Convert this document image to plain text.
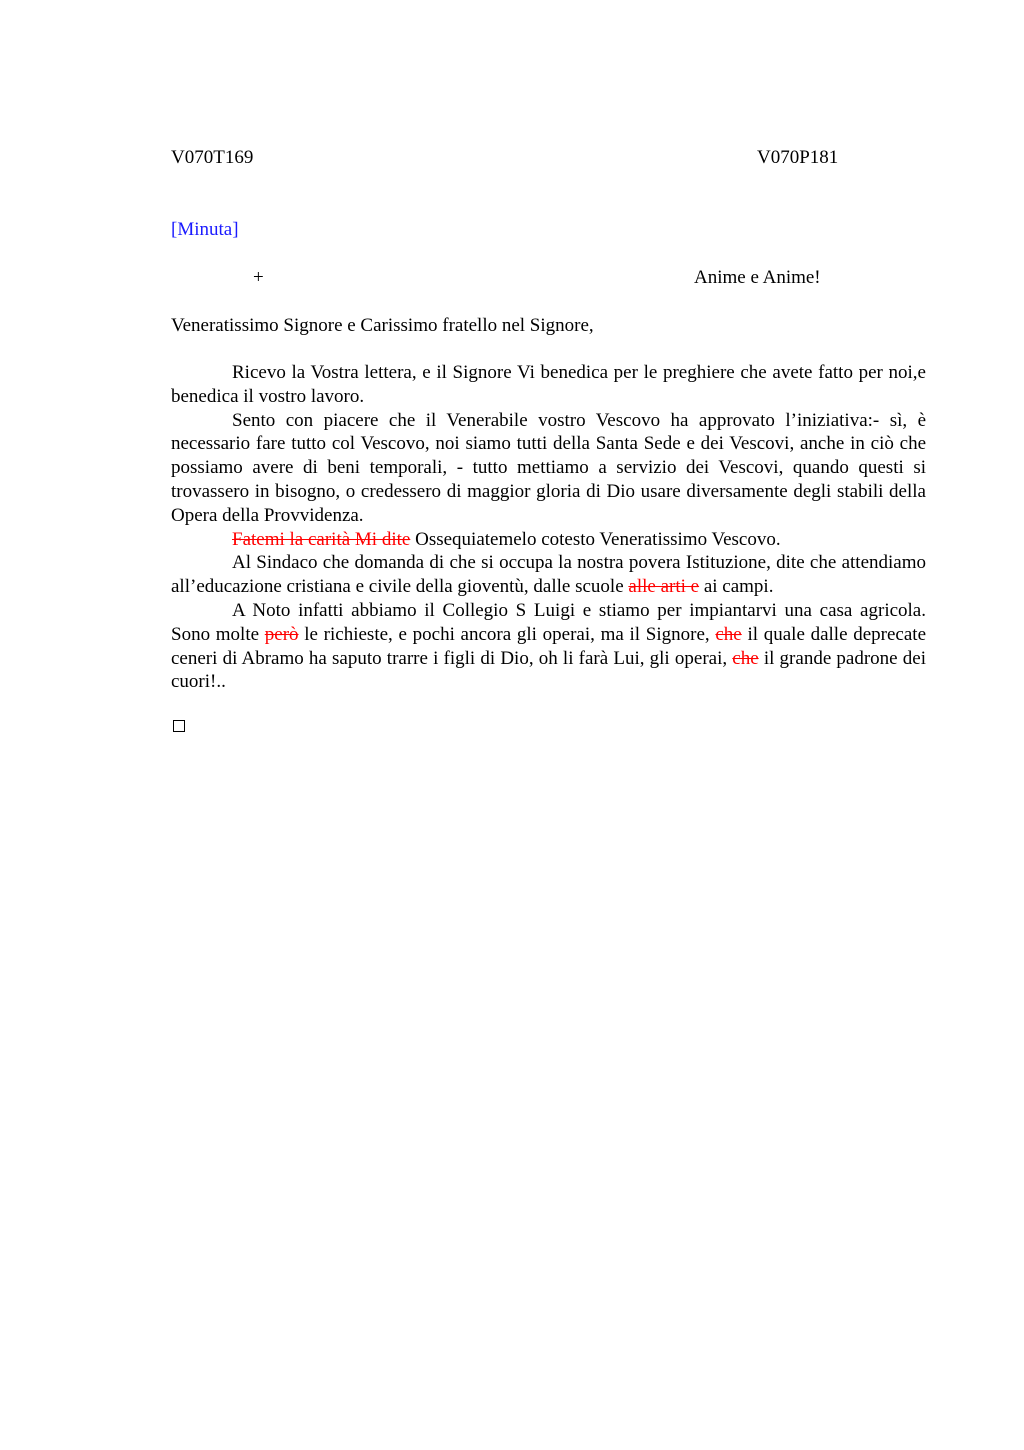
V070T169	V070P181
[Minuta]
+	Anime e Anime!
Veneratissimo Signore e Carissimo fratello nel Signore,

Ricevo la Vostra lettera, e il Signore Vi benedica per le preghiere che avete fatto per noi,e benedica il vostro lavoro.

Sento con piacere che il Venerabile vostro Vescovo ha approvato l’iniziativa:- sì, è necessario fare tutto col Vescovo, noi siamo tutti della Santa Sede e dei Vescovi, anche in ciò che possiamo avere di beni temporali, - tutto mettiamo a servizio dei Vescovi, quando questi si trovassero in bisogno, o credessero di maggior gloria di Dio usare diversamente degli stabili della Opera della Provvidenza.

Fatemi la carità Mi dite Ossequiatemelo cotesto Veneratissimo Vescovo.

Al Sindaco che domanda di che si occupa la nostra povera Istituzione, dite che attendiamo all’educazione cristiana e civile della gioventù, dalle scuole alle arti e ai campi.

A Noto infatti abbiamo il Collegio S Luigi e stiamo per impiantarvi una casa agricola. Sono molte però le richieste, e pochi ancora gli operai, ma il Signore, che il quale dalle deprecate ceneri di Abramo ha saputo trarre i figli di Dio, oh li farà Lui, gli operai, che il grande padrone dei cuori!..
